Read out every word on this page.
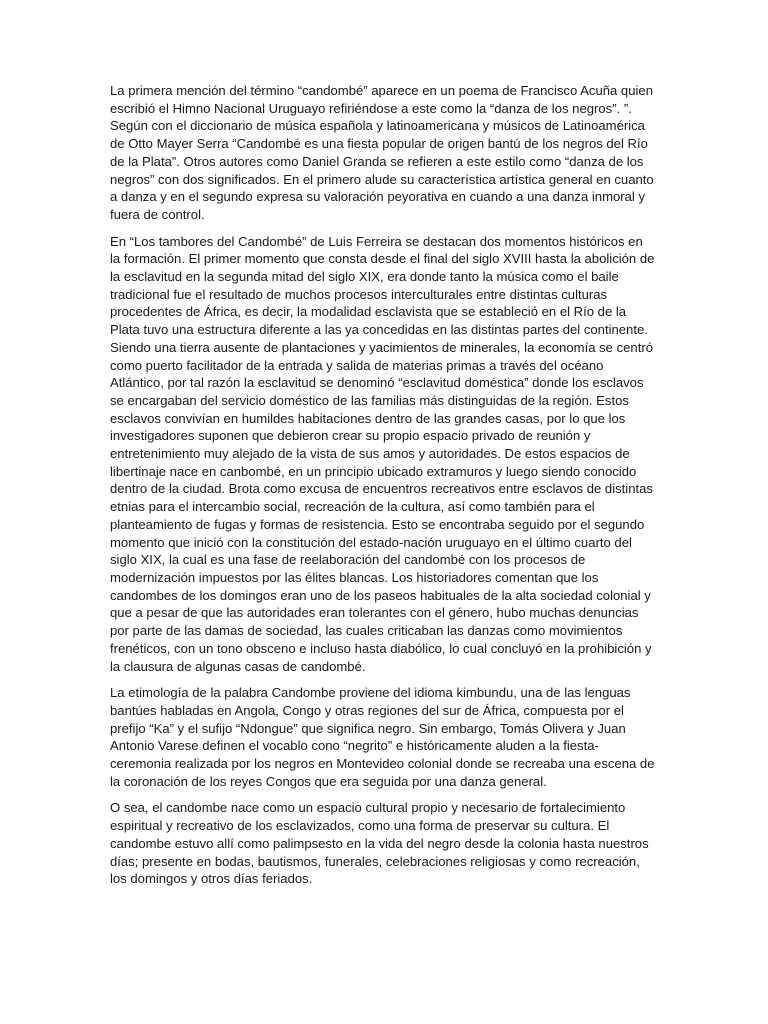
La primera mención del término “candombé” aparece en un poema de Francisco Acuña quien escribió el Himno Nacional Uruguayo refiriéndose a este como la “danza de los negros”. ”. Según con el diccionario de música española y latinoamericana y músicos de Latinoamérica de Otto Mayer Serra “Candombé es una fiesta popular de origen bantú de los negros del Río de la Plata”. Otros autores como Daniel Granda se refieren a este estilo como “danza de los negros” con dos significados. En el primero alude su característica artística general en cuanto a danza y en el segundo expresa su valoración peyorativa en cuando a una danza inmoral y fuera de control.

En “Los tambores del Candombé” de Luis Ferreira se destacan dos momentos históricos en la formación. El primer momento que consta desde el final del siglo XVIII hasta la abolición de la esclavitud en la segunda mitad del siglo XIX, era donde tanto la música como el baile tradicional fue el resultado de muchos procesos interculturales entre distintas culturas procedentes de África, es decir, la modalidad esclavista que se estableció en el Río de la Plata tuvo una estructura diferente a las ya concedidas en las distintas partes del continente. Siendo una tierra ausente de plantaciones y yacimientos de minerales, la economía se centró como puerto facilitador de la entrada y salida de materias primas a través del océano Atlántico, por tal razón la esclavitud se denominó “esclavitud doméstica” donde los esclavos se encargaban del servicio doméstico de las familias más distinguidas de la región. Estos esclavos convivían en humildes habitaciones dentro de las grandes casas, por lo que los investigadores suponen que debieron crear su propio espacio privado de reunión y entretenimiento muy alejado de la vista de sus amos y autoridades. De estos espacios de libertinaje nace en canbombé, en un principio ubicado extramuros y luego siendo conocido dentro de la ciudad. Brota como excusa de encuentros recreativos entre esclavos de distintas etnias para el intercambio social, recreación de la cultura, así como también para el planteamiento de fugas y formas de resistencia. Esto se encontraba seguido por el segundo momento que inició con la constitución del estado-nación uruguayo en el último cuarto del siglo XIX, la cual es una fase de reelaboración del candombé con los procesos de modernización impuestos por las élites blancas. Los historiadores comentan que los candombes de los domingos eran uno de los paseos habituales de la alta sociedad colonial y que a pesar de que las autoridades eran tolerantes con el género, hubo muchas denuncias por parte de las damas de sociedad, las cuales criticaban las danzas como movimientos frenéticos, con un tono obsceno e incluso hasta diabólico, lo cual concluyó en la prohibición y la clausura de algunas casas de candombé.

La etimología de la palabra Candombe proviene del idioma kimbundu, una de las lenguas bantúes habladas en Angola, Congo y otras regiones del sur de África, compuesta por el prefijo “Ka” y el sufijo “Ndongue” que significa negro. Sin embargo, Tomás Olivera y Juan Antonio Varese definen el vocablo cono “negrito” e históricamente aluden a la fiesta-ceremonia realizada por los negros en Montevideo colonial donde se recreaba una escena de la coronación de los reyes Congos que era seguida por una danza general.

O sea, el candombe nace como un espacio cultural propio y necesario de fortalecimiento espiritual y recreativo de los esclavizados, como una forma de preservar su cultura. El candombe estuvo allí como palimpsesto en la vida del negro desde la colonia hasta nuestros días; presente en bodas, bautismos, funerales, celebraciones religiosas y como recreación, los domingos y otros días feriados.
